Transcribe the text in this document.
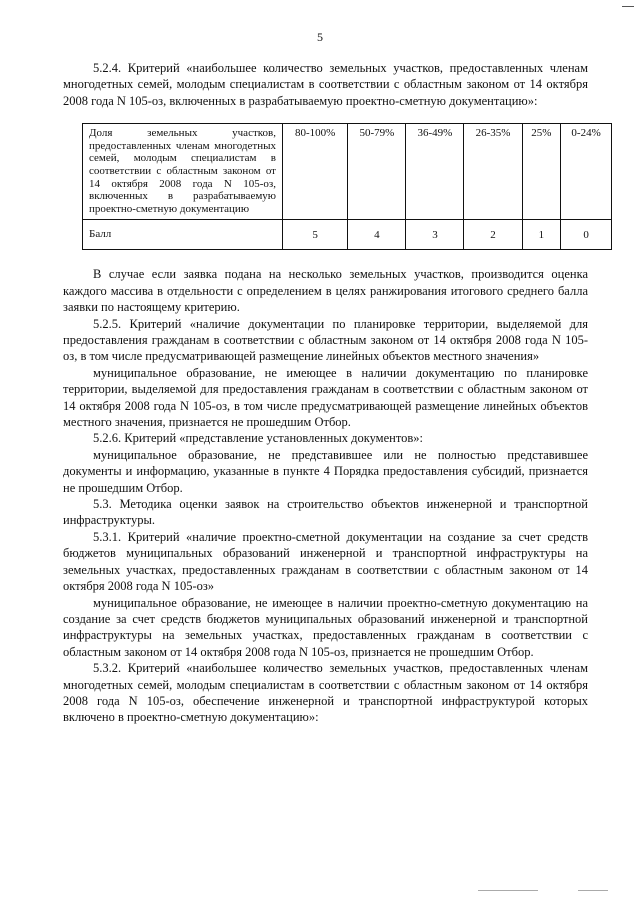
5

5.2.4. Критерий «наибольшее количество земельных участков, предоставленных членам многодетных семей, молодым специалистам в соответствии с областным законом от 14 октября 2008 года N 105-оз, включенных в разрабатываемую проектно-сметную документацию»:

Доля земельных участков, предоставленных членам многодетных семей, молодым специалистам в соответствии с областным законом от 14 октября 2008 года N 105-оз, включенных в разрабатываемую проектно-сметную документацию	80-100%	50-79%	36-49%	26-35%	25%	0-24%
Балл	5	4	3	2	1	0

В случае если заявка подана на несколько земельных участков, производится оценка каждого массива в отдельности с определением в целях ранжирования итогового среднего балла заявки по настоящему критерию.

5.2.5. Критерий «наличие документации по планировке территории, выделяемой для предоставления гражданам в соответствии с областным законом от 14 октября 2008 года N 105-оз, в том числе предусматривающей размещение линейных объектов местного значения»

муниципальное образование, не имеющее в наличии документацию по планировке территории, выделяемой для предоставления гражданам в соответствии с областным законом от 14 октября 2008 года N 105-оз, в том числе предусматривающей размещение линейных объектов местного значения, признается не прошедшим Отбор.

5.2.6. Критерий «представление установленных документов»:

муниципальное образование, не представившее или не полностью представившее документы и информацию, указанные в пункте 4 Порядка предоставления субсидий, признается не прошедшим Отбор.

5.3. Методика оценки заявок на строительство объектов инженерной и транспортной инфраструктуры.

5.3.1. Критерий «наличие проектно-сметной документации на создание за счет средств бюджетов муниципальных образований инженерной и транспортной инфраструктуры на земельных участках, предоставленных гражданам в соответствии с областным законом от 14 октября 2008 года N 105-оз»

муниципальное образование, не имеющее в наличии проектно-сметную документацию на создание за счет средств бюджетов муниципальных образований инженерной и транспортной инфраструктуры на земельных участках, предоставленных гражданам в соответствии с областным законом от 14 октября 2008 года N 105-оз, признается не прошедшим Отбор.

5.3.2. Критерий «наибольшее количество земельных участков, предоставленных членам многодетных семей, молодым специалистам в соответствии с областным законом от 14 октября 2008 года N 105-оз, обеспечение инженерной и транспортной инфраструктурой которых включено в проектно-сметную документацию»:
